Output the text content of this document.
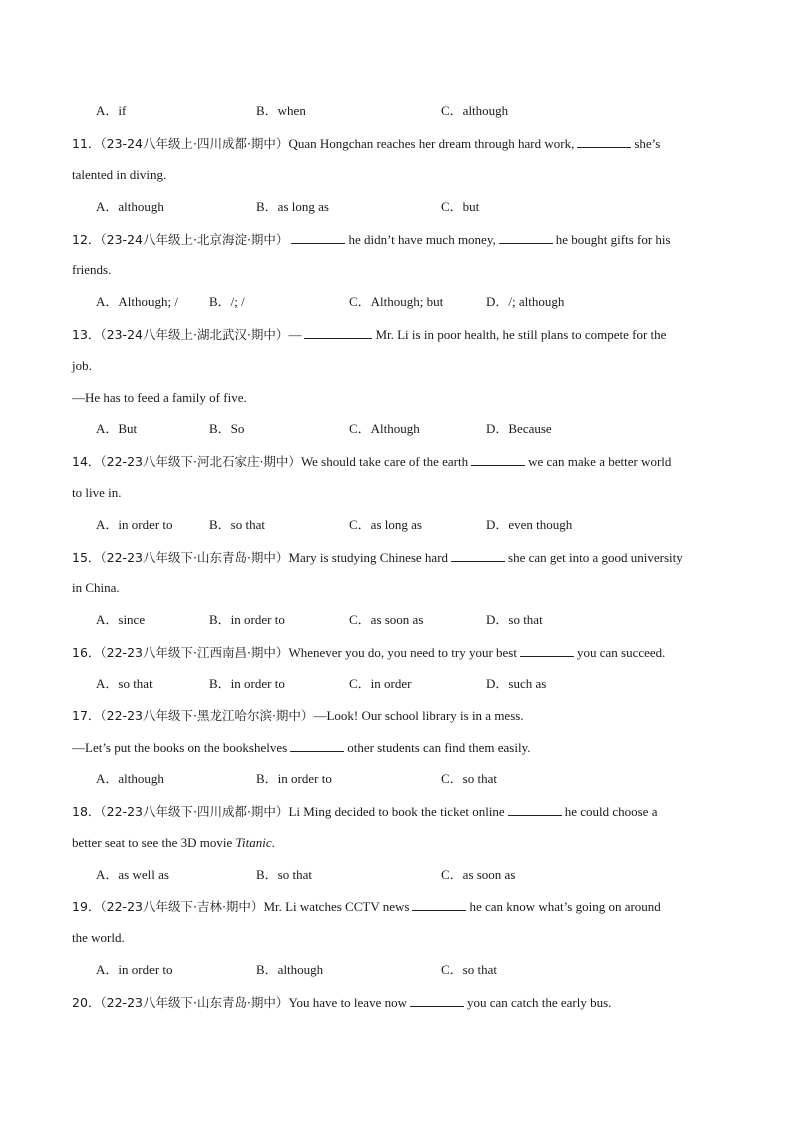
A．if	B．when	C．although
11．（23-24八年级上·四川成都·期中）Quan Hongchan reaches her dream through hard work,	she’s
talented in diving.
A．although	B．as long as	C．but
12．（23-24八年级上·北京海淀·期中）	he didn’t have much money,	he bought gifts for his
friends.
A．Although; / B．/; /	C．Although; but	D．/; although
13．（23-24八年级上·湖北武汉·期中）—	Mr. Li is in poor health, he still plans to compete for the
job.
—He has to feed a family of five.
A．But	B．So	C．Although	D．Because
14．（22-23八年级下·河北石家庄·期中）We should take care of the earth	we can make a better world
to live in.
A．in order to	B．so that	C．as long as	D．even though
15．（22-23八年级下·山东青岛·期中）Mary is studying Chinese hard	she can get into a good university
in China.
A．since	B．in order to	C．as soon as	D．so that
16．（22-23八年级下·江西南昌·期中）Whenever you do, you need to try your best	you can succeed.
A．so that	B．in order to	C．in order	D．such as
17．（22-23八年级下·黑龙江哈尔滨·期中）—Look! Our school library is in a mess.
—Let’s put the books on the bookshelves	other students can find them easily.
A．although	B．in order to	C．so that
18．（22-23八年级下·四川成都·期中）Li Ming decided to book the ticket online	he could choose a
better seat to see the 3D movie Titanic.
A．as well as	B．so that	C．as soon as
19．（22-23八年级下·吉林·期中）Mr. Li watches CCTV news	he can know what’s going on around
the world.
A．in order to	B．although	C．so that
20．（22-23八年级下·山东青岛·期中）You have to leave now	you can catch the early bus.
